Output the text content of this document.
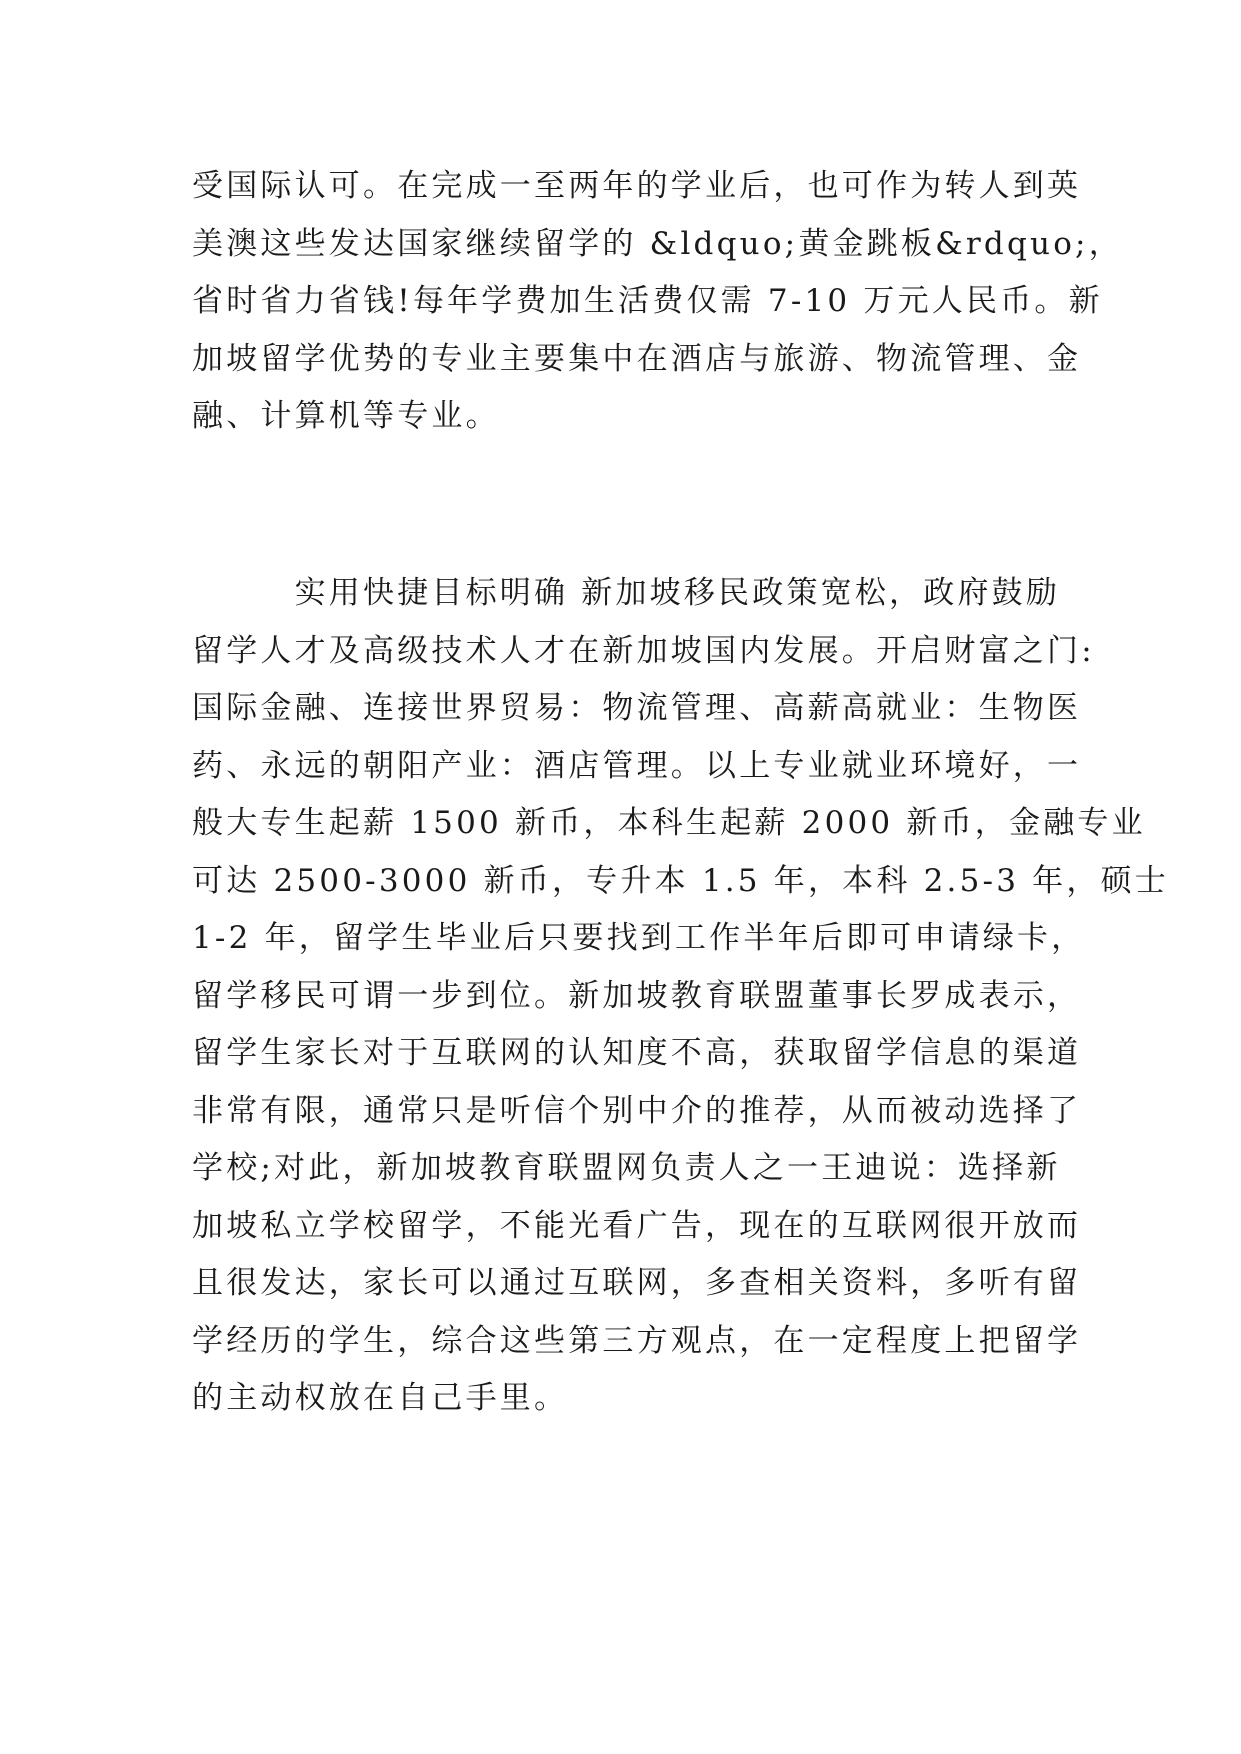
受国际认可。在完成一至两年的学业后，也可作为转人到英
美澳这些发达国家继续留学的 &ldquo;黄金跳板&rdquo;，
省时省力省钱!每年学费加生活费仅需 7-10 万元人民币。新
加坡留学优势的专业主要集中在酒店与旅游、物流管理、金
融、计算机等专业。
　　　实用快捷目标明确 新加坡移民政策宽松，政府鼓励
留学人才及高级技术人才在新加坡国内发展。开启财富之门:
国际金融、连接世界贸易：物流管理、高薪高就业：生物医
药、永远的朝阳产业：酒店管理。以上专业就业环境好，一
般大专生起薪 1500 新币，本科生起薪 2000 新币，金融专业
可达 2500-3000 新币，专升本 1.5 年，本科 2.5-3 年，硕士
1-2 年，留学生毕业后只要找到工作半年后即可申请绿卡，
留学移民可谓一步到位。新加坡教育联盟董事长罗成表示，
留学生家长对于互联网的认知度不高，获取留学信息的渠道
非常有限，通常只是听信个别中介的推荐，从而被动选择了
学校;对此，新加坡教育联盟网负责人之一王迪说：选择新
加坡私立学校留学，不能光看广告，现在的互联网很开放而
且很发达，家长可以通过互联网，多查相关资料，多听有留
学经历的学生，综合这些第三方观点，在一定程度上把留学
的主动权放在自己手里。
